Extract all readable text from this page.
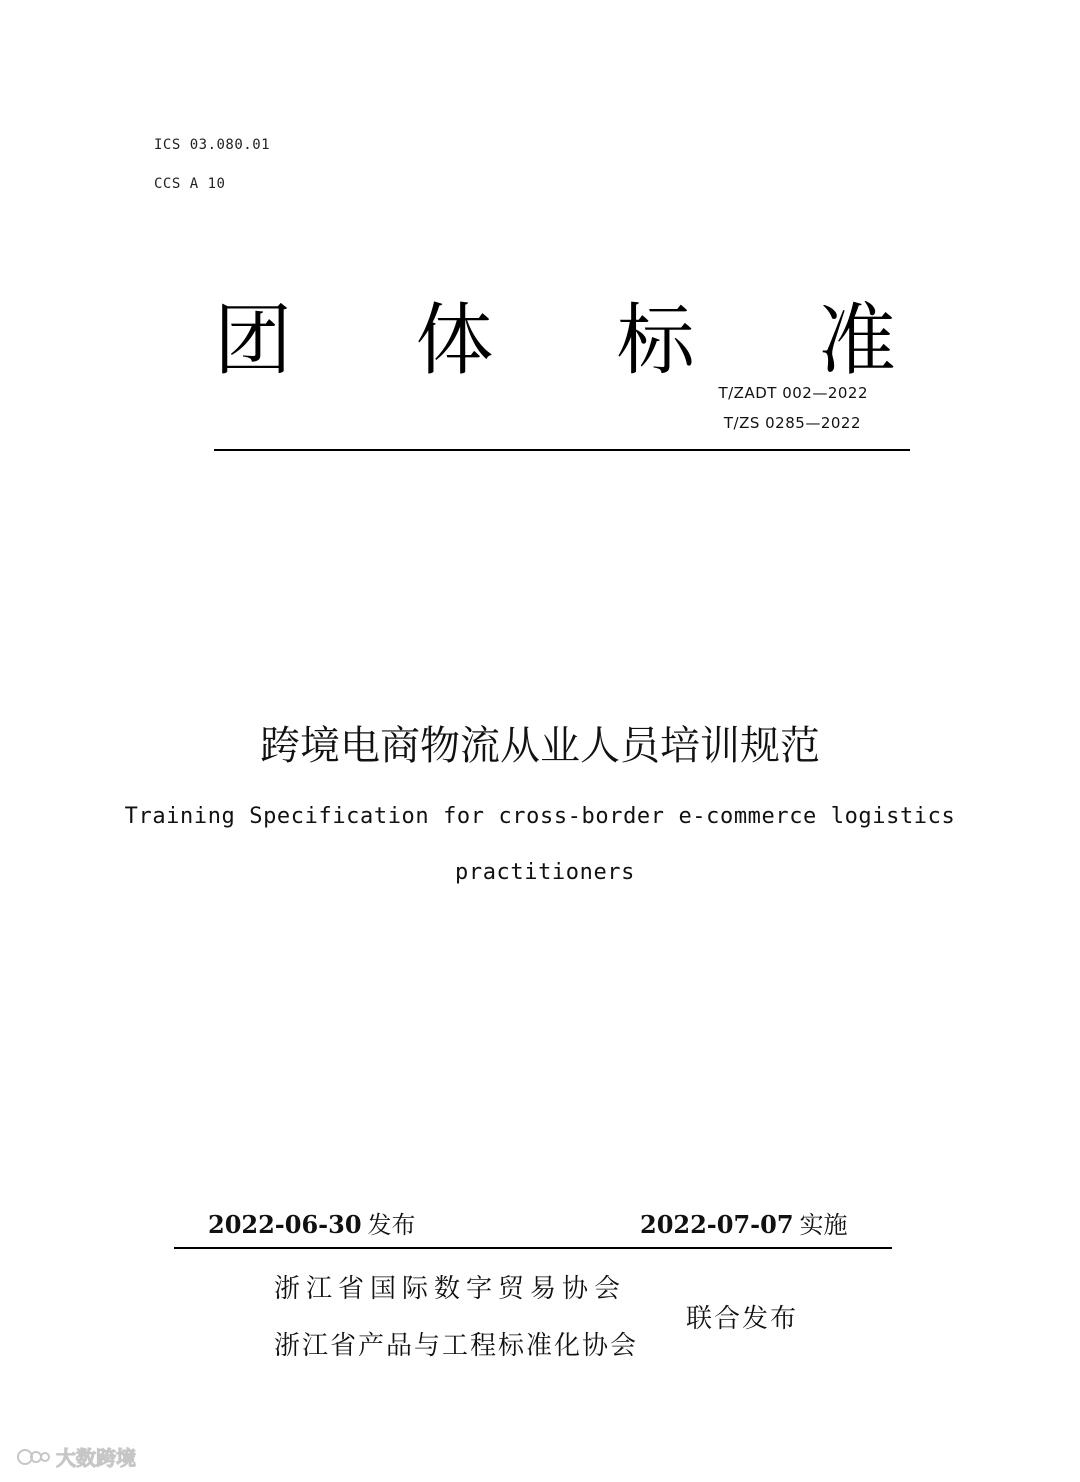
ICS 03.080.01
CCS A 10
团 体 标 准
T/ZADT 002—2022
T/ZS 0285—2022
跨境电商物流从业人员培训规范
Training Specification for cross-border e-commerce logistics
practitioners
2022-06-30 发布	2022-07-07 实施
浙江省国际数字贸易协会
浙江省产品与工程标准化协会
联合发布
大数跨境
